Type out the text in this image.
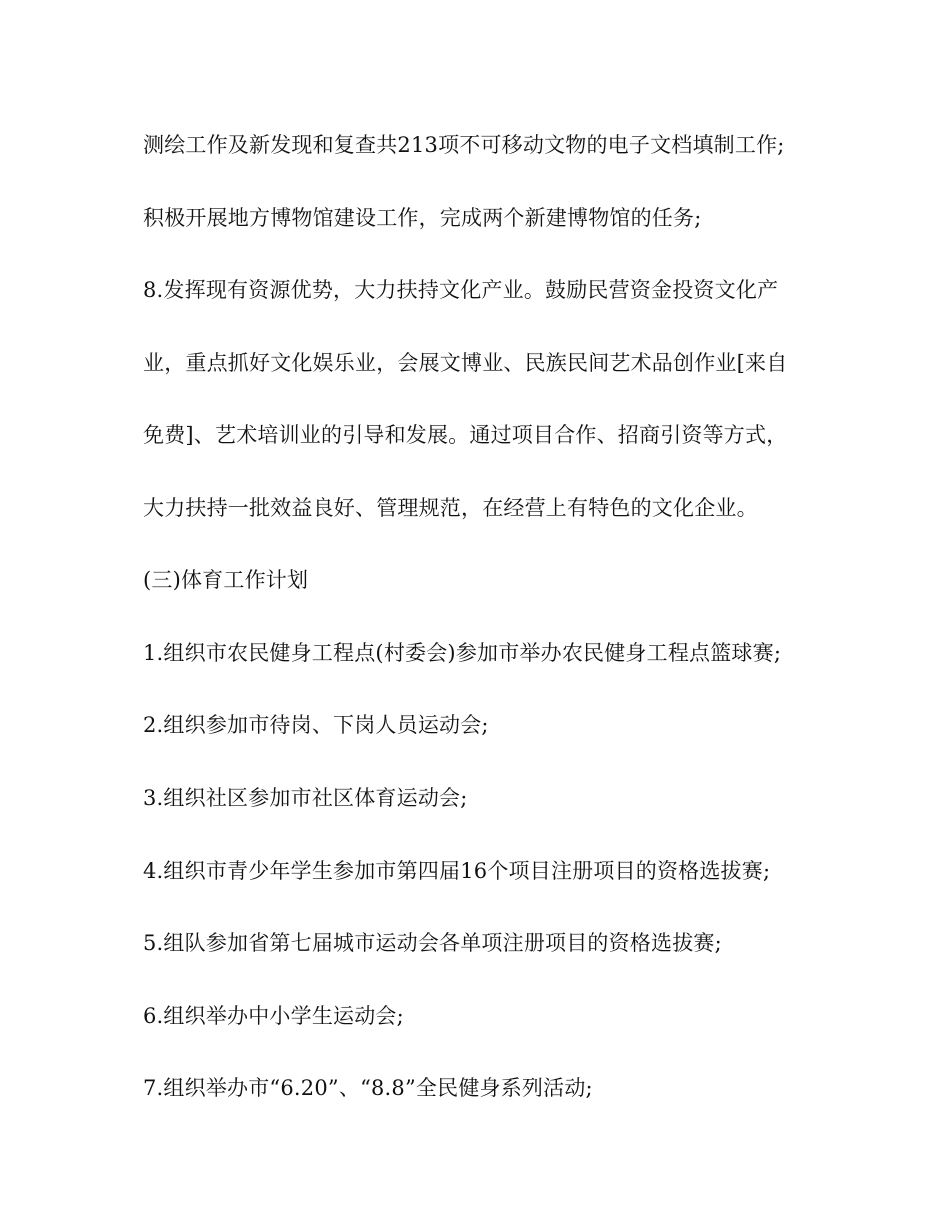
测绘工作及新发现和复查共213项不可移动文物的电子文档填制工作;
积极开展地方博物馆建设工作，完成两个新建博物馆的任务;
8.发挥现有资源优势，大力扶持文化产业。鼓励民营资金投资文化产
业，重点抓好文化娱乐业，会展文博业、民族民间艺术品创作业[来自
免费]、艺术培训业的引导和发展。通过项目合作、招商引资等方式，
大力扶持一批效益良好、管理规范，在经营上有特色的文化企业。
(三)体育工作计划
1.组织市农民健身工程点(村委会)参加市举办农民健身工程点篮球赛;
2.组织参加市待岗、下岗人员运动会;
3.组织社区参加市社区体育运动会;
4.组织市青少年学生参加市第四届16个项目注册项目的资格选拔赛;
5.组队参加省第七届城市运动会各单项注册项目的资格选拔赛;
6.组织举办中小学生运动会;
7.组织举办市“6.20”、“8.8”全民健身系列活动;
